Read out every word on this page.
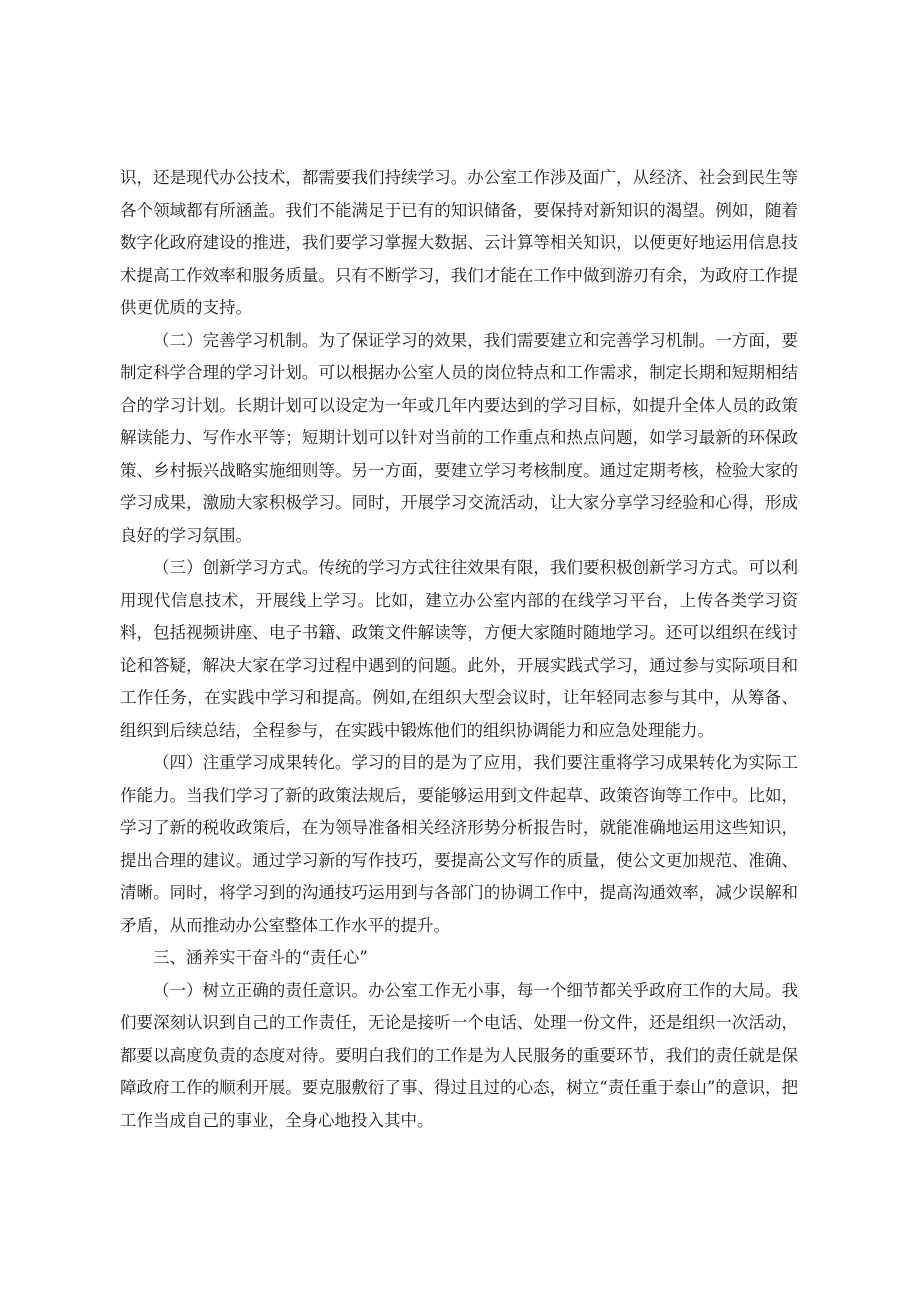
识，还是现代办公技术，都需要我们持续学习。办公室工作涉及面广，从经济、社会到民生等各个领域都有所涵盖。我们不能满足于已有的知识储备，要保持对新知识的渴望。例如，随着数字化政府建设的推进，我们要学习掌握大数据、云计算等相关知识，以便更好地运用信息技术提高工作效率和服务质量。只有不断学习，我们才能在工作中做到游刃有余，为政府工作提供更优质的支持。

（二）完善学习机制。为了保证学习的效果，我们需要建立和完善学习机制。一方面，要制定科学合理的学习计划。可以根据办公室人员的岗位特点和工作需求，制定长期和短期相结合的学习计划。长期计划可以设定为一年或几年内要达到的学习目标，如提升全体人员的政策解读能力、写作水平等；短期计划可以针对当前的工作重点和热点问题，如学习最新的环保政策、乡村振兴战略实施细则等。另一方面，要建立学习考核制度。通过定期考核，检验大家的学习成果，激励大家积极学习。同时，开展学习交流活动，让大家分享学习经验和心得，形成良好的学习氛围。

（三）创新学习方式。传统的学习方式往往效果有限，我们要积极创新学习方式。可以利用现代信息技术，开展线上学习。比如，建立办公室内部的在线学习平台，上传各类学习资料，包括视频讲座、电子书籍、政策文件解读等，方便大家随时随地学习。还可以组织在线讨论和答疑，解决大家在学习过程中遇到的问题。此外，开展实践式学习，通过参与实际项目和工作任务，在实践中学习和提高。例如,在组织大型会议时，让年轻同志参与其中，从筹备、组织到后续总结，全程参与，在实践中锻炼他们的组织协调能力和应急处理能力。

（四）注重学习成果转化。学习的目的是为了应用，我们要注重将学习成果转化为实际工作能力。当我们学习了新的政策法规后，要能够运用到文件起草、政策咨询等工作中。比如，学习了新的税收政策后，在为领导准备相关经济形势分析报告时，就能准确地运用这些知识，提出合理的建议。通过学习新的写作技巧，要提高公文写作的质量，使公文更加规范、准确、清晰。同时，将学习到的沟通技巧运用到与各部门的协调工作中，提高沟通效率，减少误解和矛盾，从而推动办公室整体工作水平的提升。

三、涵养实干奋斗的“责任心”

（一）树立正确的责任意识。办公室工作无小事，每一个细节都关乎政府工作的大局。我们要深刻认识到自己的工作责任，无论是接听一个电话、处理一份文件，还是组织一次活动，都要以高度负责的态度对待。要明白我们的工作是为人民服务的重要环节，我们的责任就是保障政府工作的顺利开展。要克服敷衍了事、得过且过的心态，树立“责任重于泰山”的意识，把工作当成自己的事业，全身心地投入其中。
